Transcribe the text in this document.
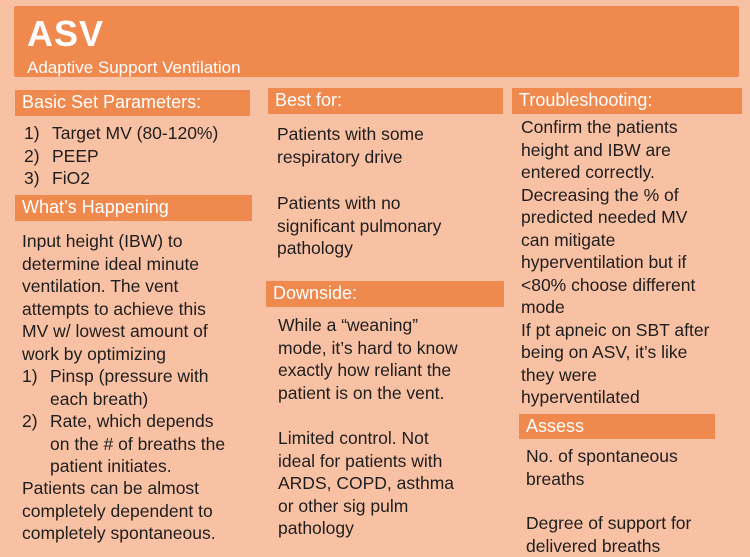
ASV
Adaptive Support Ventilation
Basic Set Parameters:
1) Target MV (80-120%)
2) PEEP
3) FiO2
What’s Happening
Input height (IBW) to
determine ideal minute
ventilation. The vent
attempts to achieve this
MV w/ lowest amount of
work by optimizing
1) Pinsp (pressure with
each breath)
2) Rate, which depends
on the # of breaths the
patient initiates.
Patients can be almost
completely dependent to
completely spontaneous.
Best for:
Patients with some
respiratory drive
Patients with no
significant pulmonary
pathology
Downside:
While a “weaning”
mode, it’s hard to know
exactly how reliant the
patient is on the vent.
Limited control. Not
ideal for patients with
ARDS, COPD, asthma
or other sig pulm
pathology
Troubleshooting:
Confirm the patients
height and IBW are
entered correctly.
Decreasing the % of
predicted needed MV
can mitigate
hyperventilation but if
<80% choose different
mode
If pt apneic on SBT after
being on ASV, it’s like
they were
hyperventilated
Assess
No. of spontaneous
breaths
Degree of support for
delivered breaths
